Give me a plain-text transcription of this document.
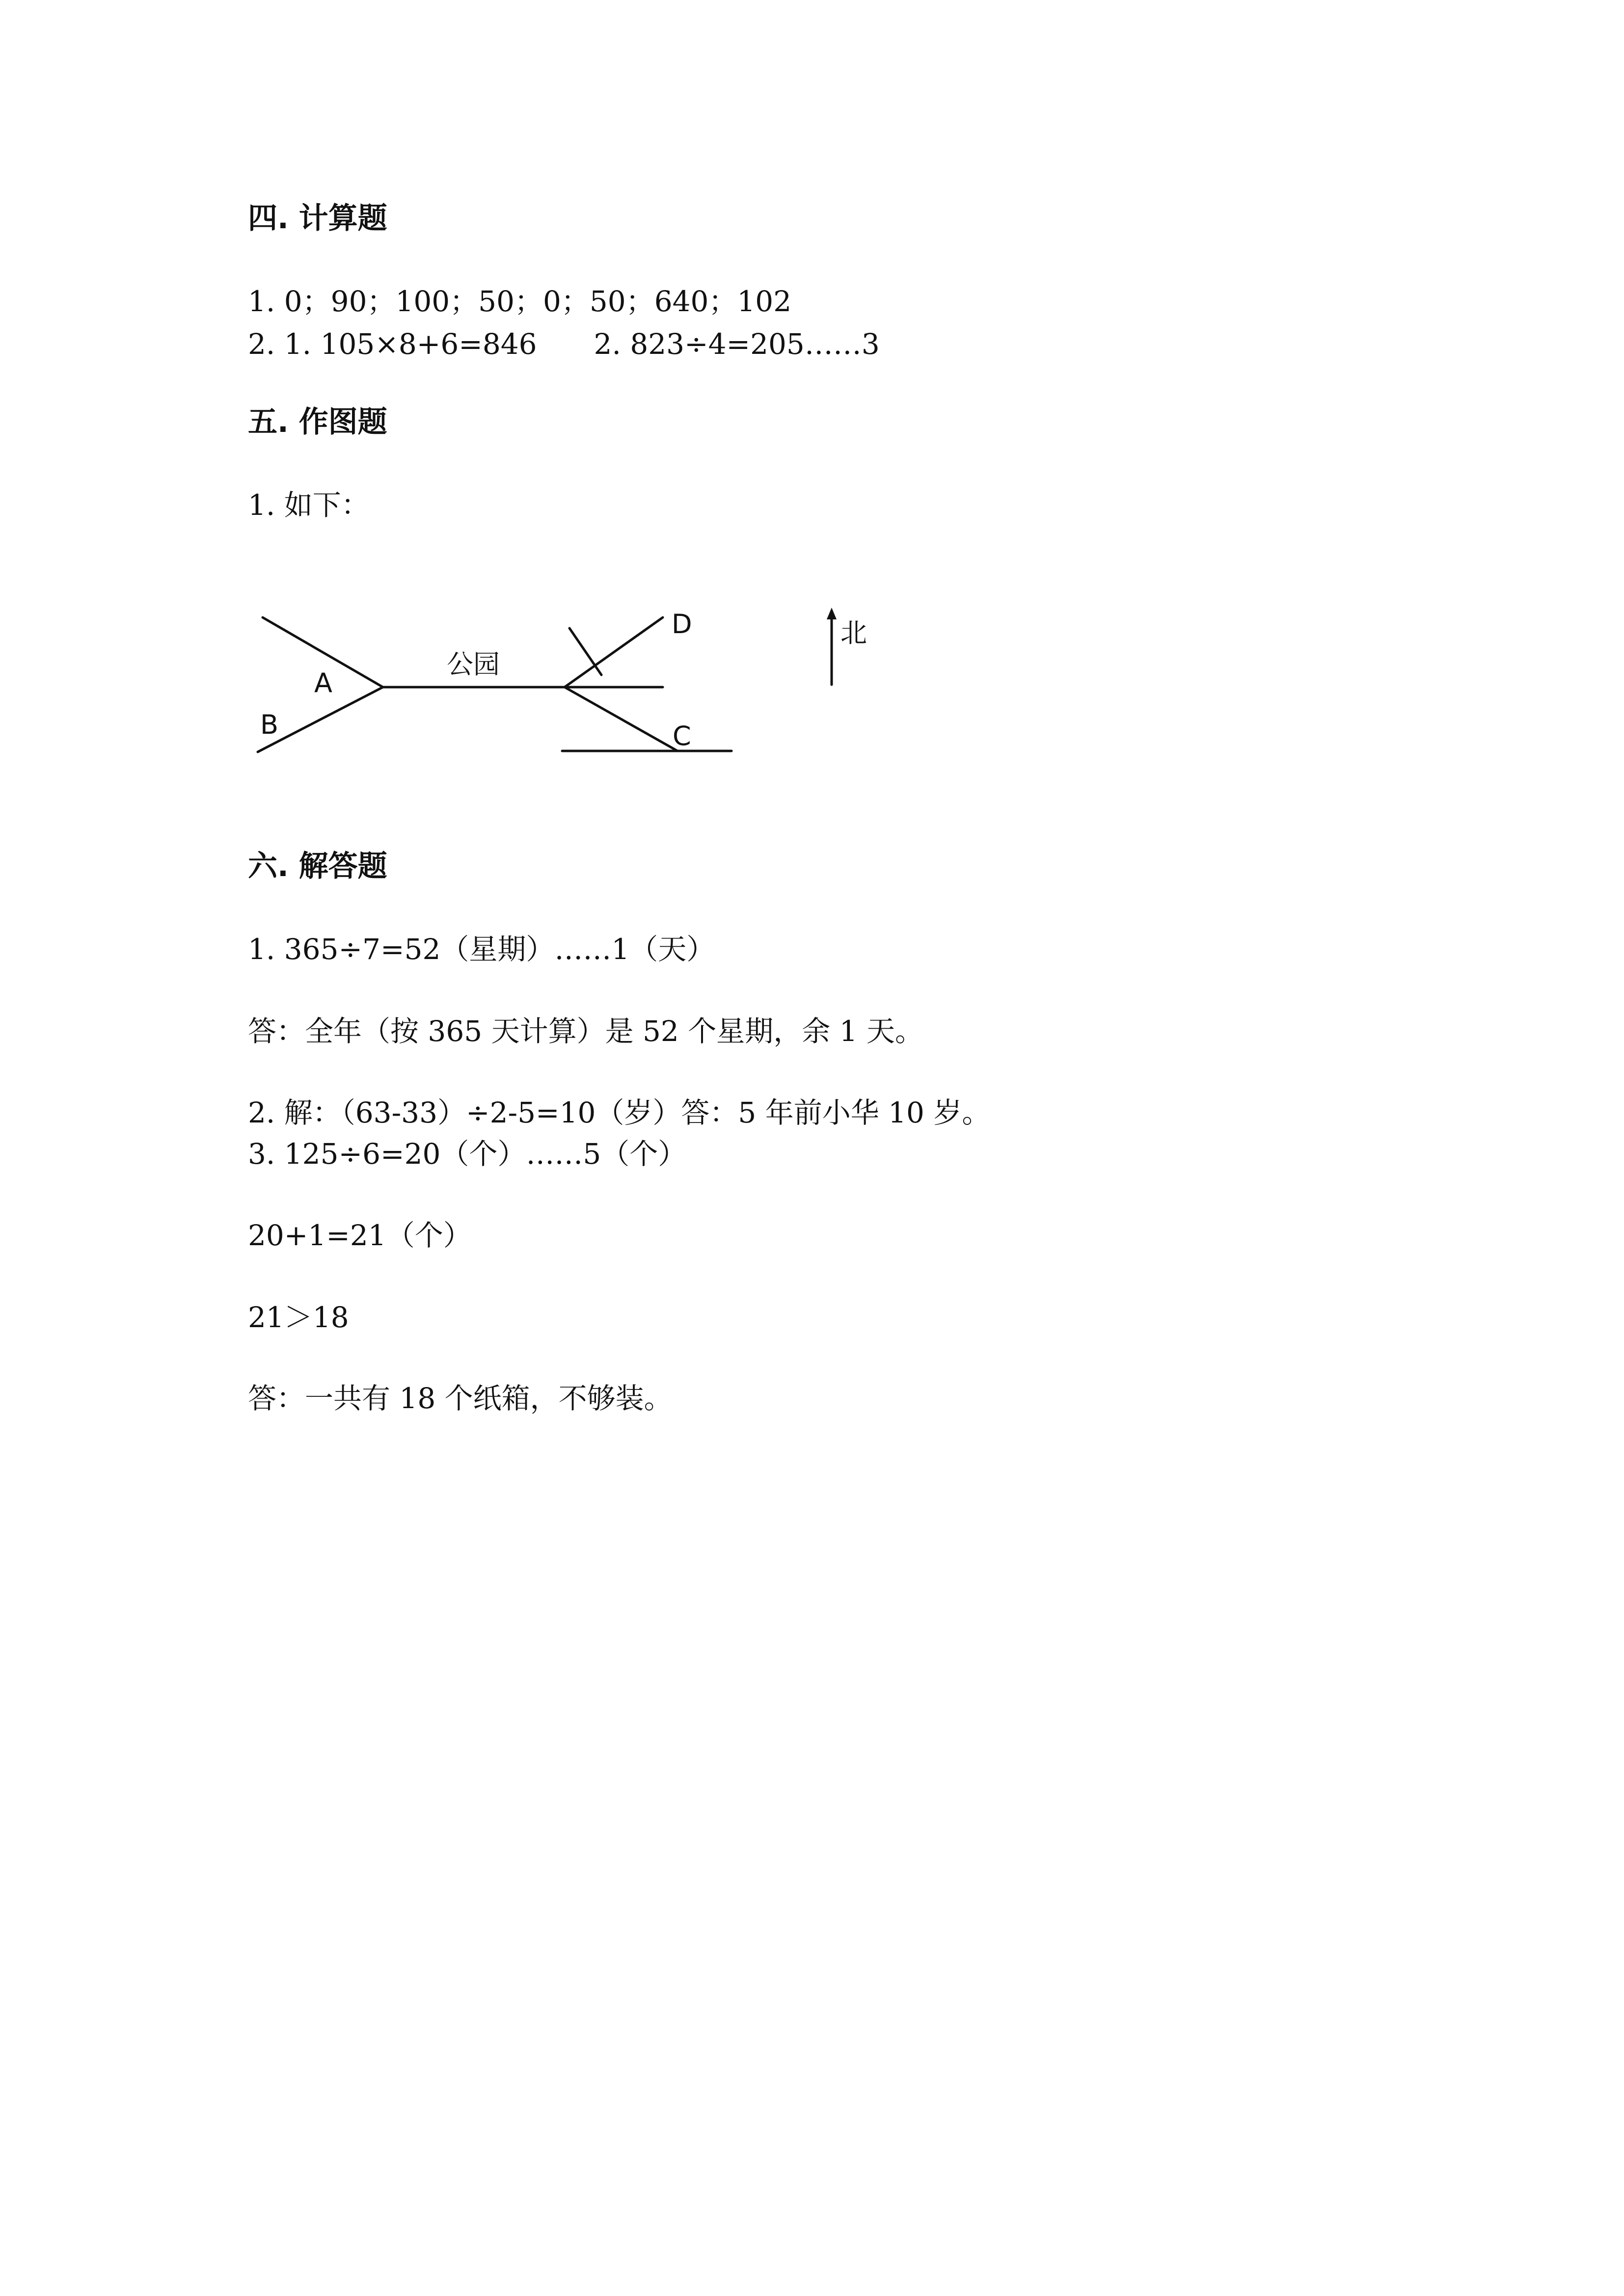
四. 计算题

1. 0；90；100；50；0；50；640；102

2. 1. 105×8+6=846　　2. 823÷4=205……3

五. 作图题

1. 如下：

公园
A
B	C
D	北
六. 解答题

1. 365÷7=52（星期）……1（天）

答：全年（按 365 天计算）是 52 个星期，余 1 天。

2. 解：（63-33）÷2-5=10（岁）答：5 年前小华 10 岁。

3. 125÷6=20（个）……5（个）

20+1=21（个）

21＞18

答：一共有 18 个纸箱，不够装。
